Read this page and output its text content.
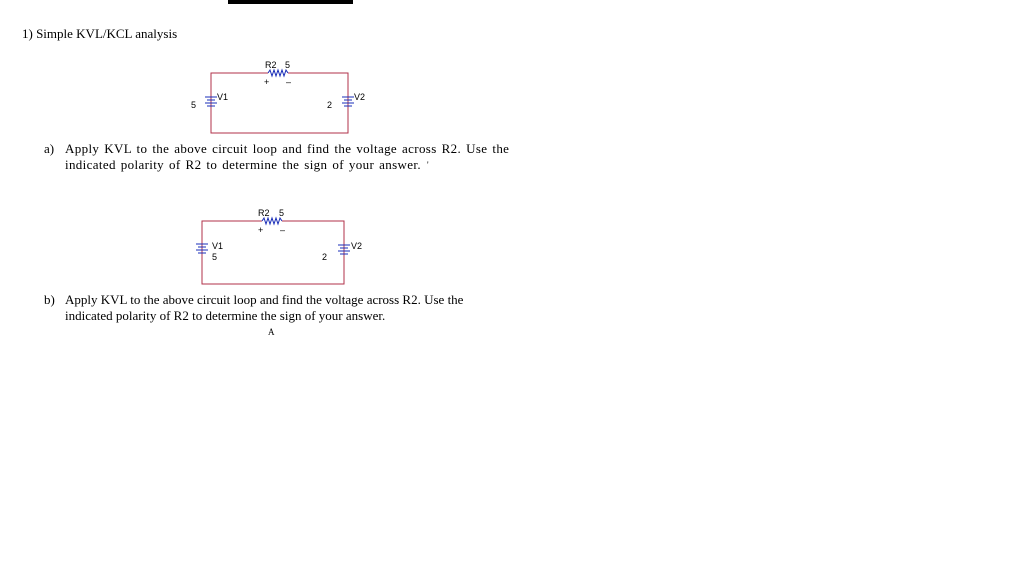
1) Simple KVL/KCL analysis
R2 5
+ –
V1
5
V2
2
a) Apply KVL to the above circuit loop and find the voltage across R2. Use the
indicated polarity of R2 to determine the sign of your answer. '
R2 5
+ –
V1
5
V2
2
b) Apply KVL to the above circuit loop and find the voltage across R2. Use the
indicated polarity of R2 to determine the sign of your answer.
A
